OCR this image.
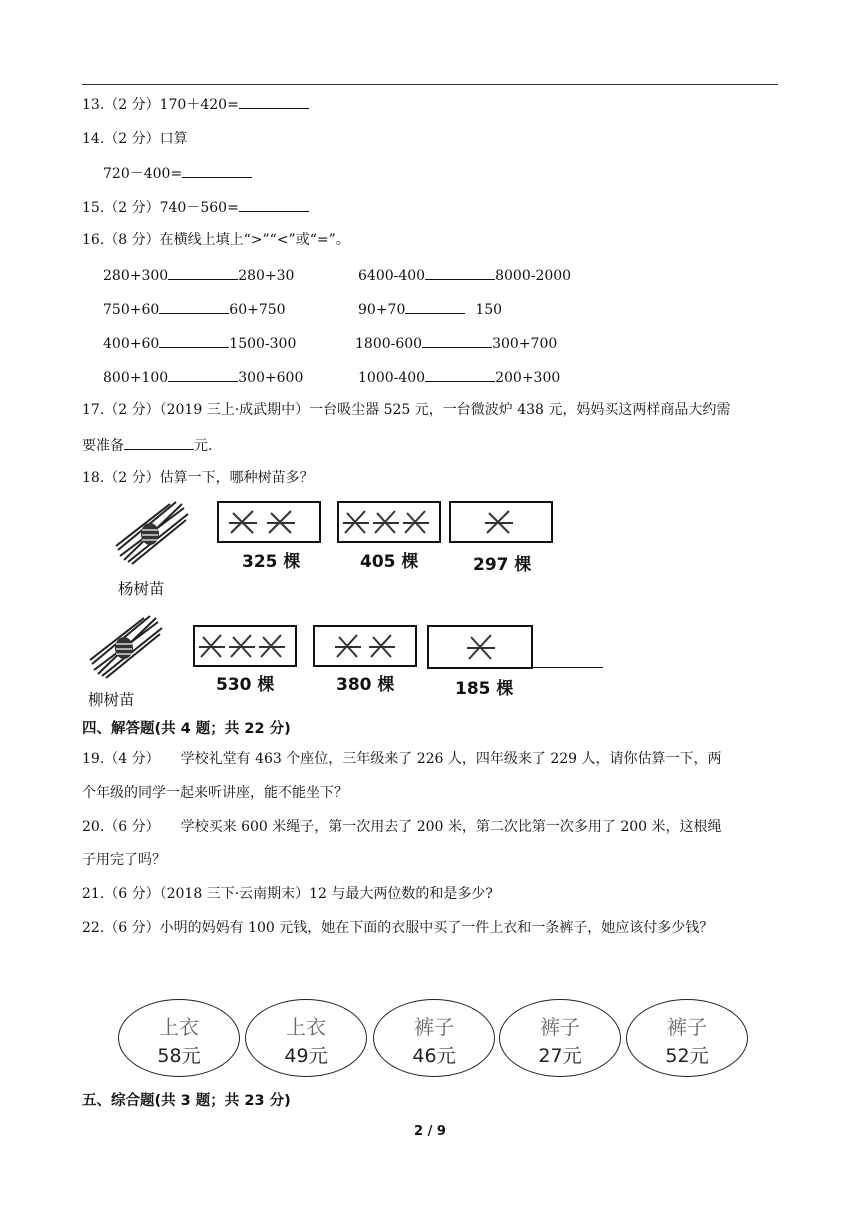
13.（2 分）170＋420=
14.（2 分）口算
720－400=
15.（2 分）740－560=
16.（8 分）在横线上填上“>”“<”或“=”。
280+300	280+30	6400-400	8000-2000
750+60	60+750	90+70	150
400+60	1500-300	1800-600	300+700
800+100	300+600	1000-400	200+300
17.（2 分）（2019 三上·成武期中）一台吸尘器 525 元，一台微波炉 438 元，妈妈买这两样商品大约需
要准备	元.
18.（2 分）估算一下，哪种树苗多？
杨树苗
325 棵	405 棵	297 棵
柳树苗
530 棵	380 棵	185 棵
四、解答题(共 4 题；共 22 分)
19.（4 分）　　学校礼堂有 463 个座位，三年级来了 226 人，四年级来了 229 人，请你估算一下，两
个年级的同学一起来听讲座，能不能坐下？
20.（6 分）　　学校买来 600 米绳子，第一次用去了 200 米，第二次比第一次多用了 200 米，这根绳
子用完了吗？
21.（6 分）（2018 三下·云南期末）12 与最大两位数的和是多少?
22.（6 分）小明的妈妈有 100 元钱，她在下面的衣服中买了一件上衣和一条裤子，她应该付多少钱？
上衣
58元
上衣
49元
裤子
46元
裤子
27元
裤子
52元
五、综合题(共 3 题；共 23 分)
2 / 9
